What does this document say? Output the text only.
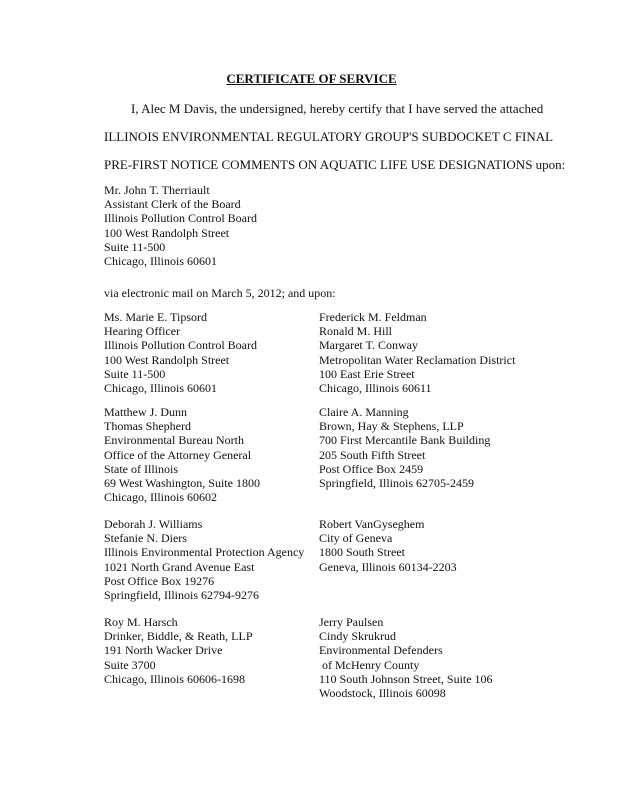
CERTIFICATE OF SERVICE
I, Alec M Davis, the undersigned, hereby certify that I have served the attached
ILLINOIS ENVIRONMENTAL REGULATORY GROUP'S SUBDOCKET C FINAL
PRE-FIRST NOTICE COMMENTS ON AQUATIC LIFE USE DESIGNATIONS upon:
Mr. John T. Therriault
Assistant Clerk of the Board
Illinois Pollution Control Board
100 West Randolph Street
Suite 11-500
Chicago, Illinois 60601
via electronic mail on March 5, 2012; and upon:
Ms. Marie E. Tipsord
Hearing Officer
Illinois Pollution Control Board
100 West Randolph Street
Suite 11-500
Chicago, Illinois 60601
Frederick M. Feldman
Ronald M. Hill
Margaret T. Conway
Metropolitan Water Reclamation District
100 East Erie Street
Chicago, Illinois 60611
Matthew J. Dunn
Thomas Shepherd
Environmental Bureau North
Office of the Attorney General
State of Illinois
69 West Washington, Suite 1800
Chicago, Illinois 60602
Claire A. Manning
Brown, Hay & Stephens, LLP
700 First Mercantile Bank Building
205 South Fifth Street
Post Office Box 2459
Springfield, Illinois 62705-2459
Deborah J. Williams
Stefanie N. Diers
Illinois Environmental Protection Agency
1021 North Grand Avenue East
Post Office Box 19276
Springfield, Illinois 62794-9276
Robert VanGyseghem
City of Geneva
1800 South Street
Geneva, Illinois 60134-2203
Roy M. Harsch
Drinker, Biddle, & Reath, LLP
191 North Wacker Drive
Suite 3700
Chicago, Illinois 60606-1698
Jerry Paulsen
Cindy Skrukrud
Environmental Defenders
of McHenry County
110 South Johnson Street, Suite 106
Woodstock, Illinois 60098
